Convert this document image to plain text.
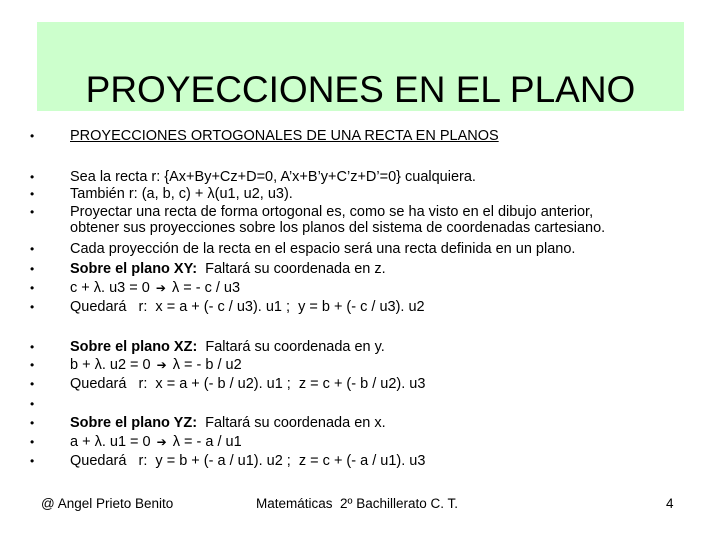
PROYECCIONES EN EL PLANO
• PROYECCIONES ORTOGONALES DE UNA RECTA EN PLANOS
• Sea la recta r: {Ax+By+Cz+D=0, A’x+B’y+C’z+D’=0} cualquiera.
• También r: (a, b, c) + λ(u1, u2, u3).
• Proyectar una recta de forma ortogonal es, como se ha visto en el dibujo anterior,
obtener sus proyecciones sobre los planos del sistema de coordenadas cartesiano.
• Cada proyección de la recta en el espacio será una recta definida en un plano.
• Sobre el plano XY: Faltará su coordenada en z.
• c + λ. u3 = 0 ➔ λ = - c / u3
• Quedará   r:  x = a + (- c / u3). u1 ;  y = b + (- c / u3). u2
• Sobre el plano XZ: Faltará su coordenada en y.
• b + λ. u2 = 0 ➔ λ = - b / u2
• Quedará   r:  x = a + (- b / u2). u1 ;  z = c + (- b / u2). u3
•
• Sobre el plano YZ: Faltará su coordenada en x.
• a + λ. u1 = 0 ➔ λ = - a / u1
• Quedará   r:  y = b + (- a / u1). u2 ;  z = c + (- a / u1). u3
@ Angel Prieto Benito	Matemáticas  2º Bachillerato C. T.	4
